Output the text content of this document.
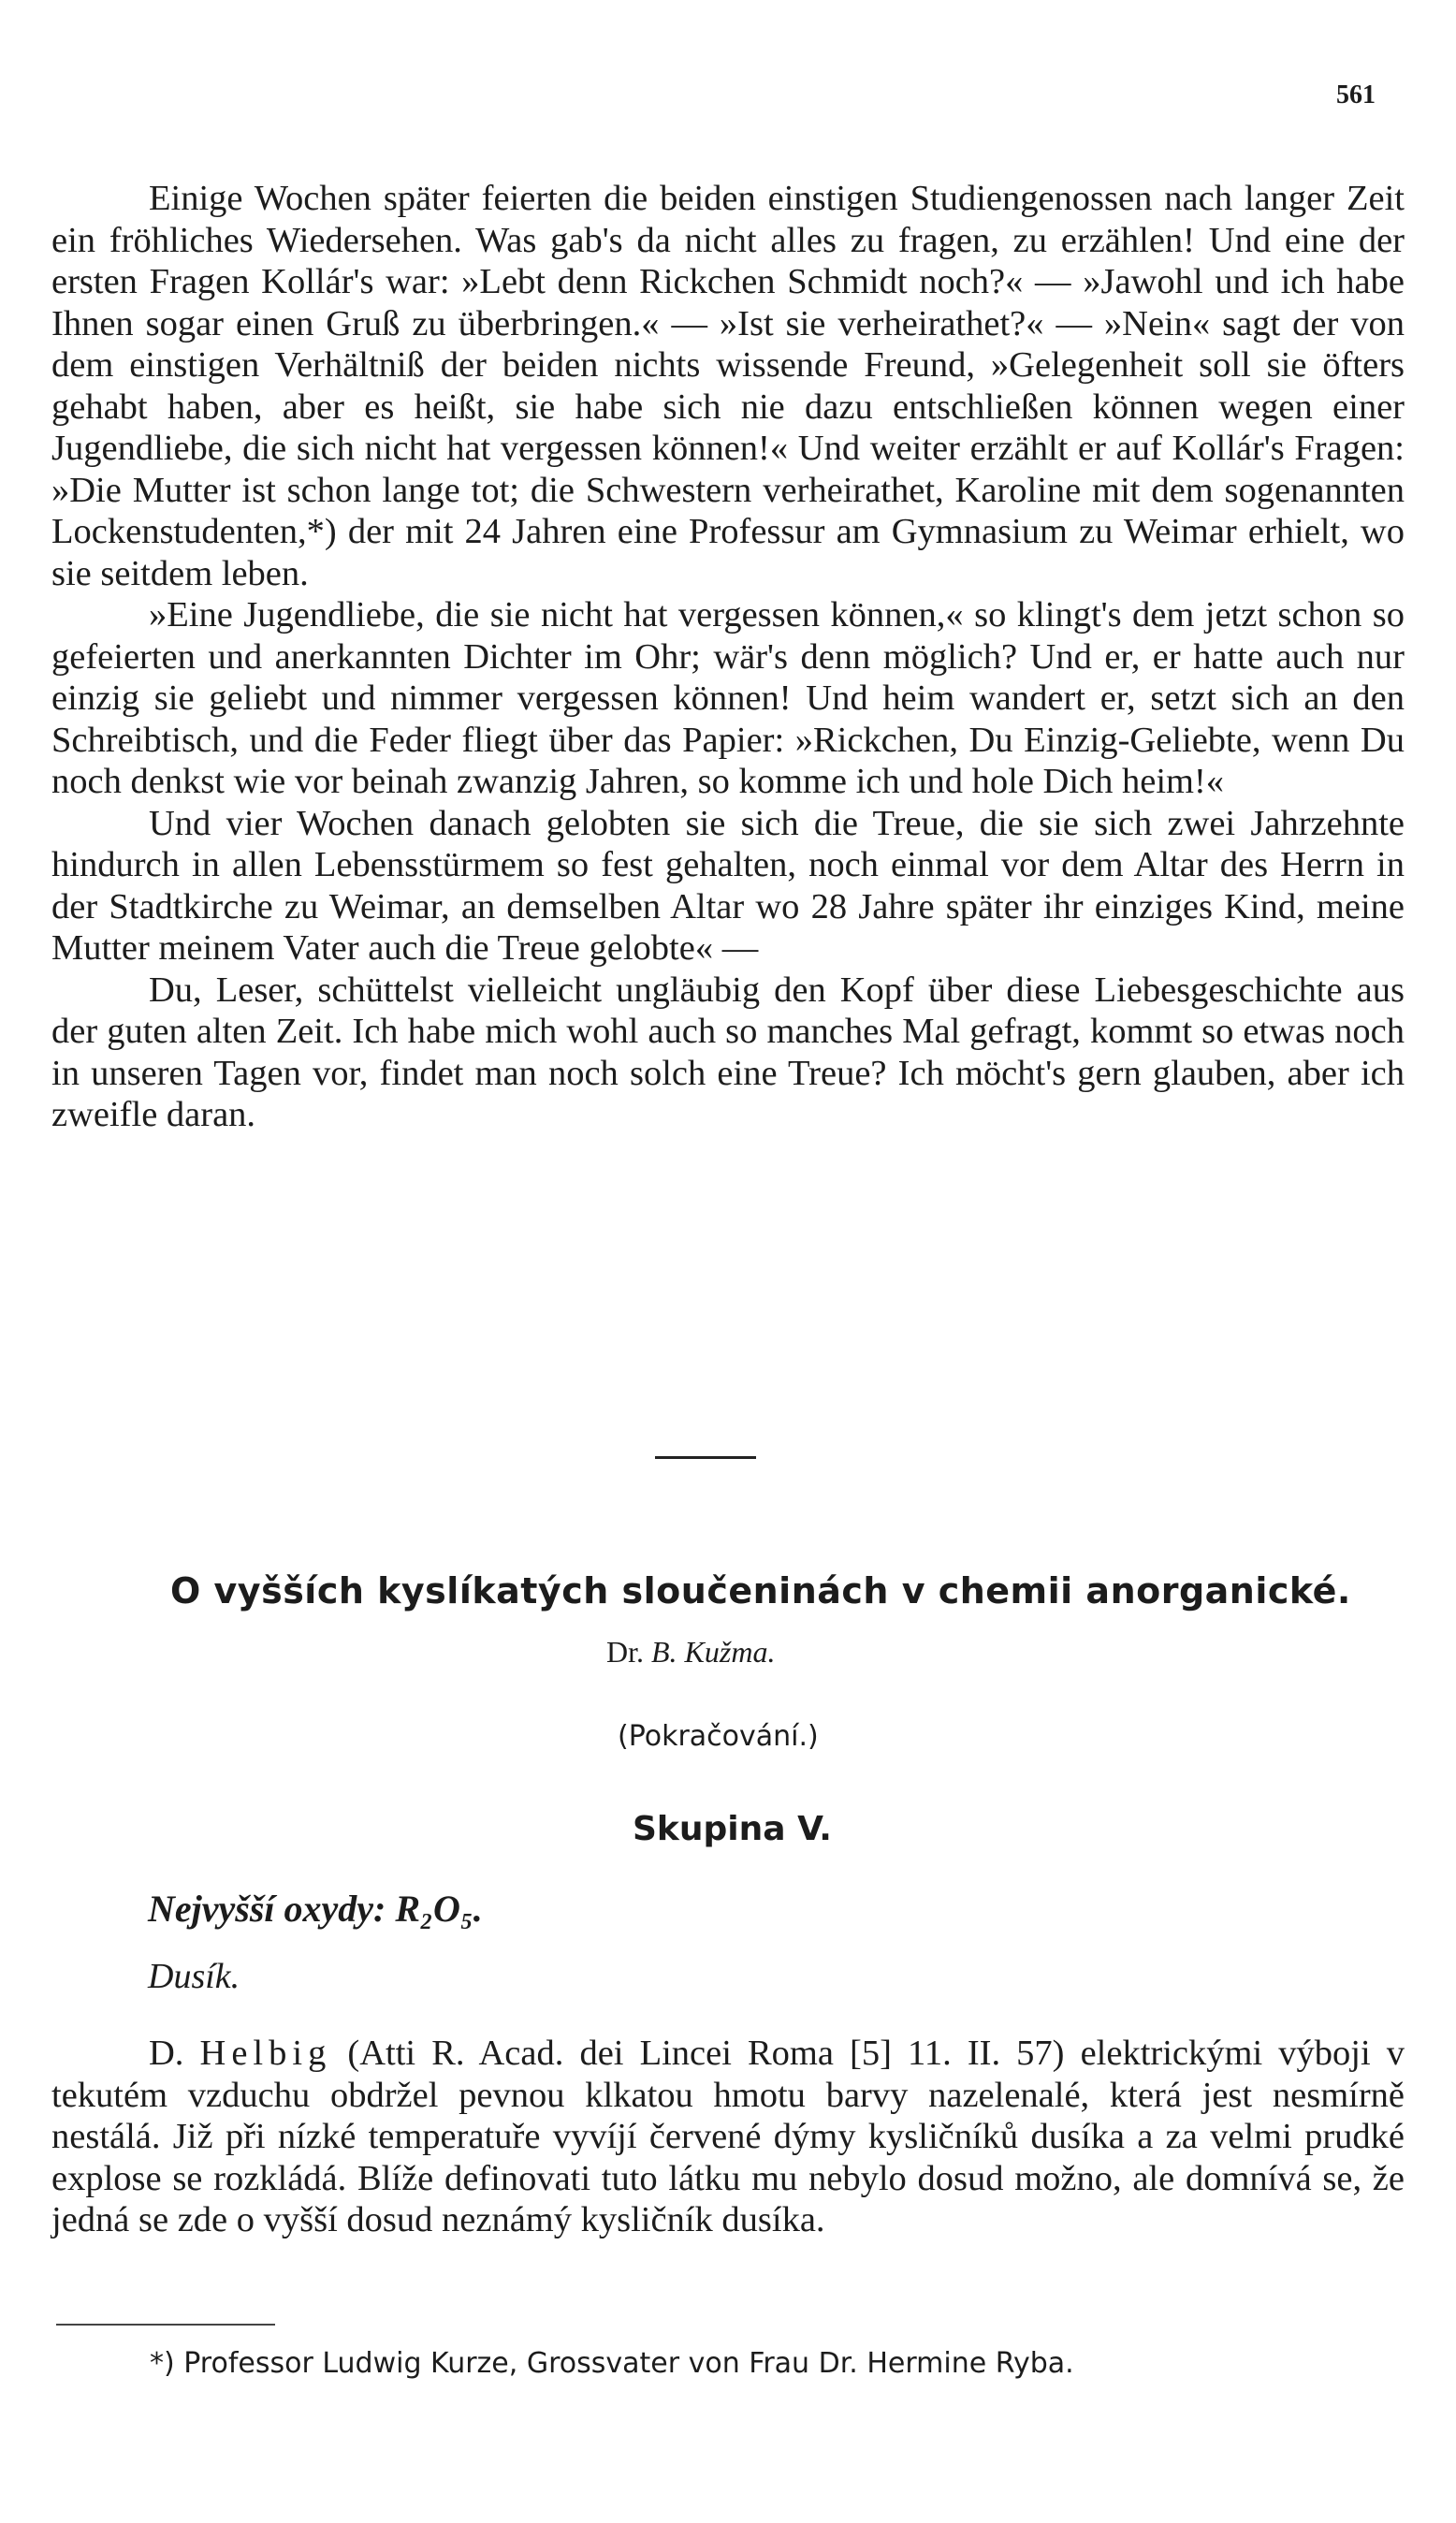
561

Einige Wochen später feierten die beiden einstigen Studiengenossen nach langer Zeit ein fröhliches Wiedersehen. Was gab's da nicht alles zu fragen, zu erzählen! Und eine der ersten Fragen Kollár's war: »Lebt denn Rickchen Schmidt noch?« — »Jawohl und ich habe Ihnen sogar einen Gruß zu überbringen.« — »Ist sie verheirathet?« — »Nein« sagt der von dem einstigen Verhältniß der beiden nichts wissende Freund, »Gelegenheit soll sie öfters gehabt haben, aber es heißt, sie habe sich nie dazu entschließen können wegen einer Jugendliebe, die sich nicht hat vergessen können!« Und weiter erzählt er auf Kollár's Fragen: »Die Mutter ist schon lange tot; die Schwestern verheirathet, Karoline mit dem sogenannten Lockenstudenten,*) der mit 24 Jahren eine Professur am Gymnasium zu Weimar erhielt, wo sie seitdem leben.

»Eine Jugendliebe, die sie nicht hat vergessen können,« so klingt's dem jetzt schon so gefeierten und anerkannten Dichter im Ohr; wär's denn möglich? Und er, er hatte auch nur einzig sie geliebt und nimmer vergessen können! Und heim wandert er, setzt sich an den Schreibtisch, und die Feder fliegt über das Papier: »Rickchen, Du Einzig-Geliebte, wenn Du noch denkst wie vor beinah zwanzig Jahren, so komme ich und hole Dich heim!«

Und vier Wochen danach gelobten sie sich die Treue, die sie sich zwei Jahrzehnte hindurch in allen Lebensstürmem so fest gehalten, noch einmal vor dem Altar des Herrn in der Stadtkirche zu Weimar, an demselben Altar wo 28 Jahre später ihr einziges Kind, meine Mutter meinem Vater auch die Treue gelobte« —

Du, Leser, schüttelst vielleicht ungläubig den Kopf über diese Liebesgeschichte aus der guten alten Zeit. Ich habe mich wohl auch so manches Mal gefragt, kommt so etwas noch in unseren Tagen vor, findet man noch solch eine Treue? Ich möcht's gern glauben, aber ich zweifle daran.

O vyšších kyslíkatých sloučeninách v chemii anorganické.
Dr. B. Kužma.
(Pokračování.)
Skupina V.
Nejvyšší oxydy: R₂O₅.
Dusík.

D. Helbig (Atti R. Acad. dei Lincei Roma [5] 11. II. 57) elektrickými výboji v tekutém vzduchu obdržel pevnou klkatou hmotu barvy nazelenalé, která jest nesmírně nestálá. Již při nízké temperatuře vyvíjí červené dýmy kysličníků dusíka a za velmi prudké explose se rozkládá. Blíže definovati tuto látku mu nebylo dosud možno, ale domnívá se, že jedná se zde o vyšší dosud neznámý kysličník dusíka.

*) Professor Ludwig Kurze, Grossvater von Frau Dr. Hermine Ryba.
